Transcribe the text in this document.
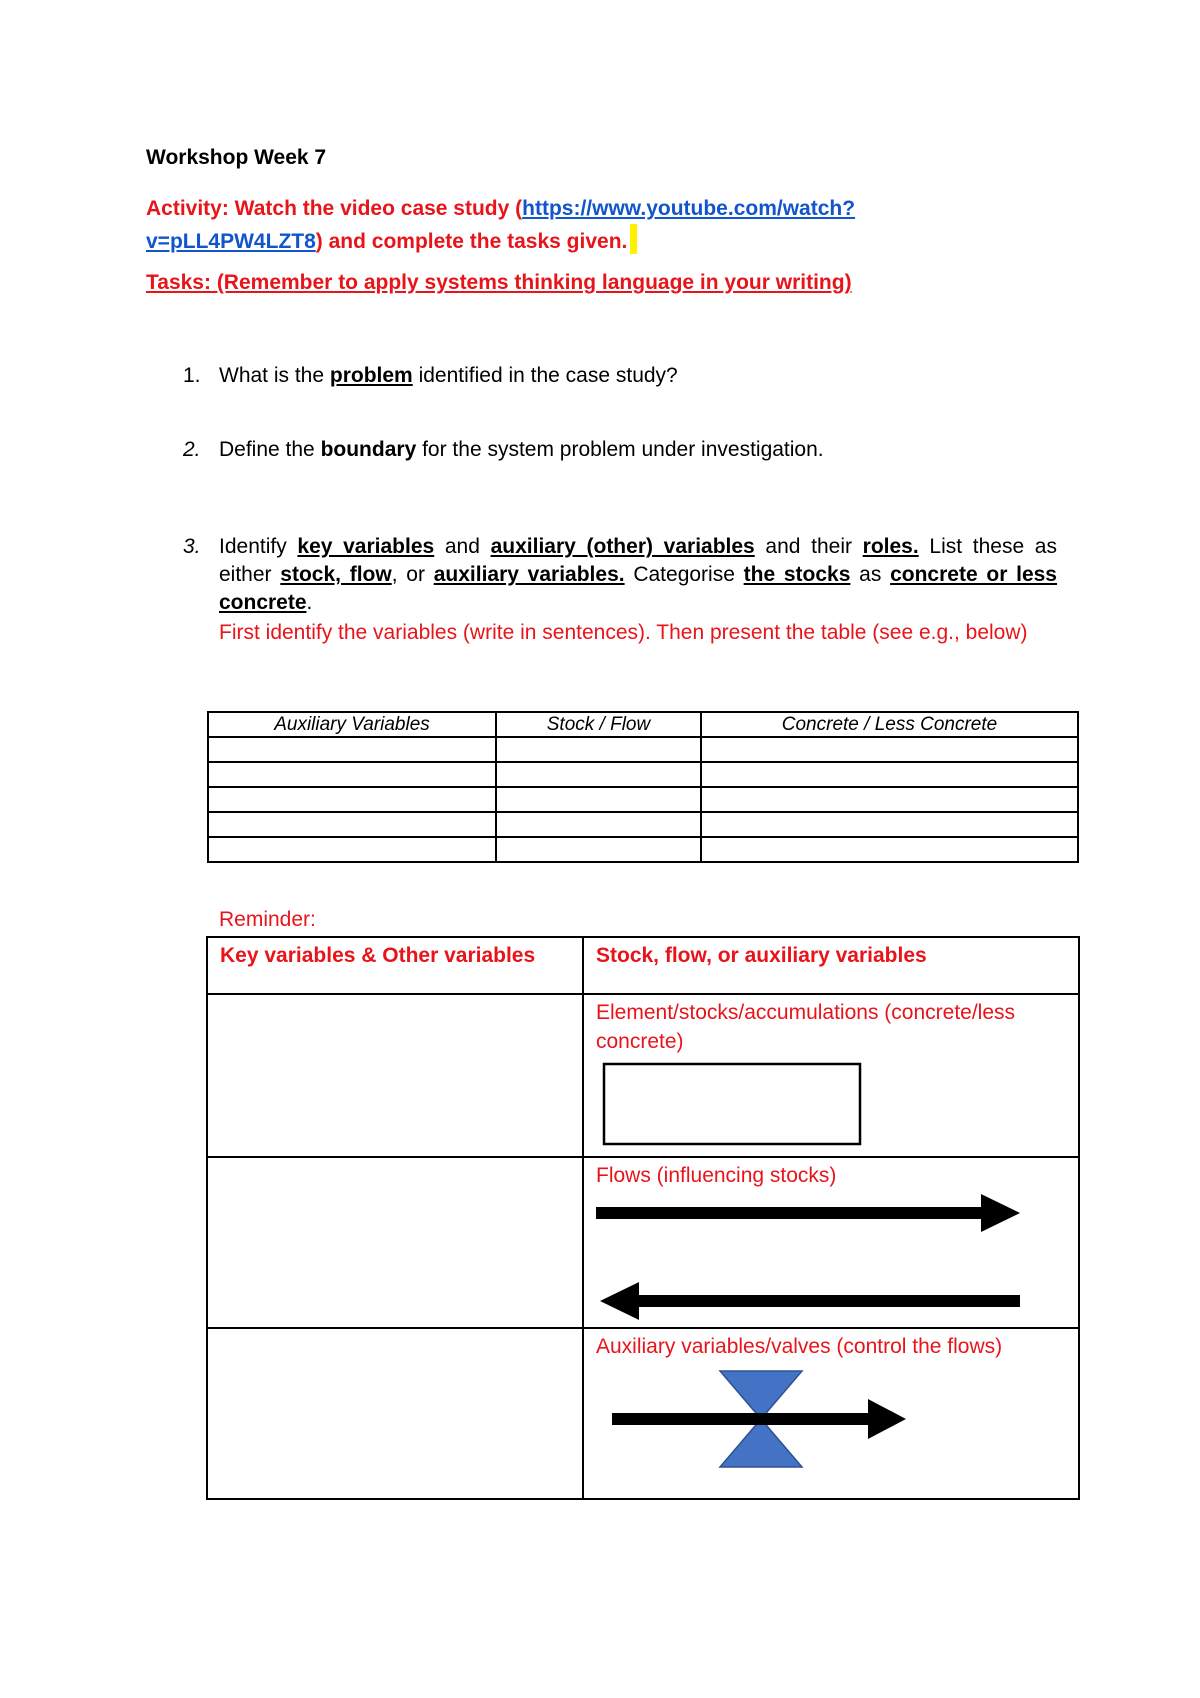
Workshop Week 7

Activity: Watch the video case study (https://www.youtube.com/watch?v=pLL4PW4LZT8) and complete the tasks given.

Tasks: (Remember to apply systems thinking language in your writing)

1. What is the problem identified in the case study?
2. Define the boundary for the system problem under investigation.
3. Identify key variables and auxiliary (other) variables and their roles. List these as either stock, flow, or auxiliary variables. Categorise the stocks as concrete or less concrete.
First identify the variables (write in sentences). Then present the table (see e.g., below)
Auxiliary Variables	Stock / Flow	Concrete / Less Concrete

Reminder:
Key variables & Other variables	Stock, flow, or auxiliary variables

	Element/stocks/accumulations (concrete/less concrete)

	Flows (influencing stocks)

	Auxiliary variables/valves (control the flows)
